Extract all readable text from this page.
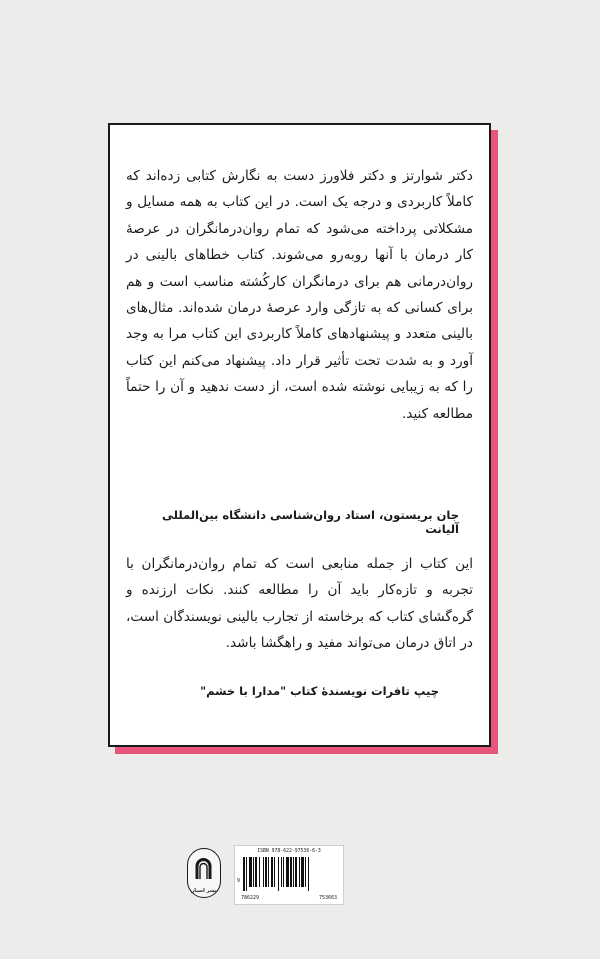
دکتر شوارتز و دکتر فلاورز دست به نگارش کتابی زده‌اند که کاملاً کاربردی و درجه یک است. در این کتاب به همه مسایل و مشکلاتی پرداخته می‌شود که تمام روان‌درمانگران در عرصهٔ کار درمان با آنها روبه‌رو می‌شوند. کتاب خطاهای بالینی در روان‌درمانی هم برای درمانگران کارکُشته مناسب است و هم برای کسانی که به تازگی وارد عرصهٔ درمان شده‌اند. مثال‌های بالینی متعدد و پیشنهادهای کاملاً کاربردی این کتاب مرا به وجد آورد و به شدت تحت تأثیر قرار داد. پیشنهاد می‌کنم این کتاب را که به زیبایی نوشته شده است، از دست ندهید و آن را حتماً مطالعه کنید.
جان بریستون، استاد روان‌شناسی دانشگاه بین‌المللی آلیانت
این کتاب از جمله منابعی است که تمام روان‌درمانگران با تجربه و تازه‌کار باید آن را مطالعه کنند. نکات ارزنده و گره‌گشای کتاب که برخاسته از تجارب بالینی نویسندگان است، در اتاق درمان می‌تواند مفید و راهگشا باشد.
چیپ تافرات نویسندهٔ کتاب "مدارا با خشم"
نشر اسبار
ISBN 978-622-97536-6-3
9
786229	753663
